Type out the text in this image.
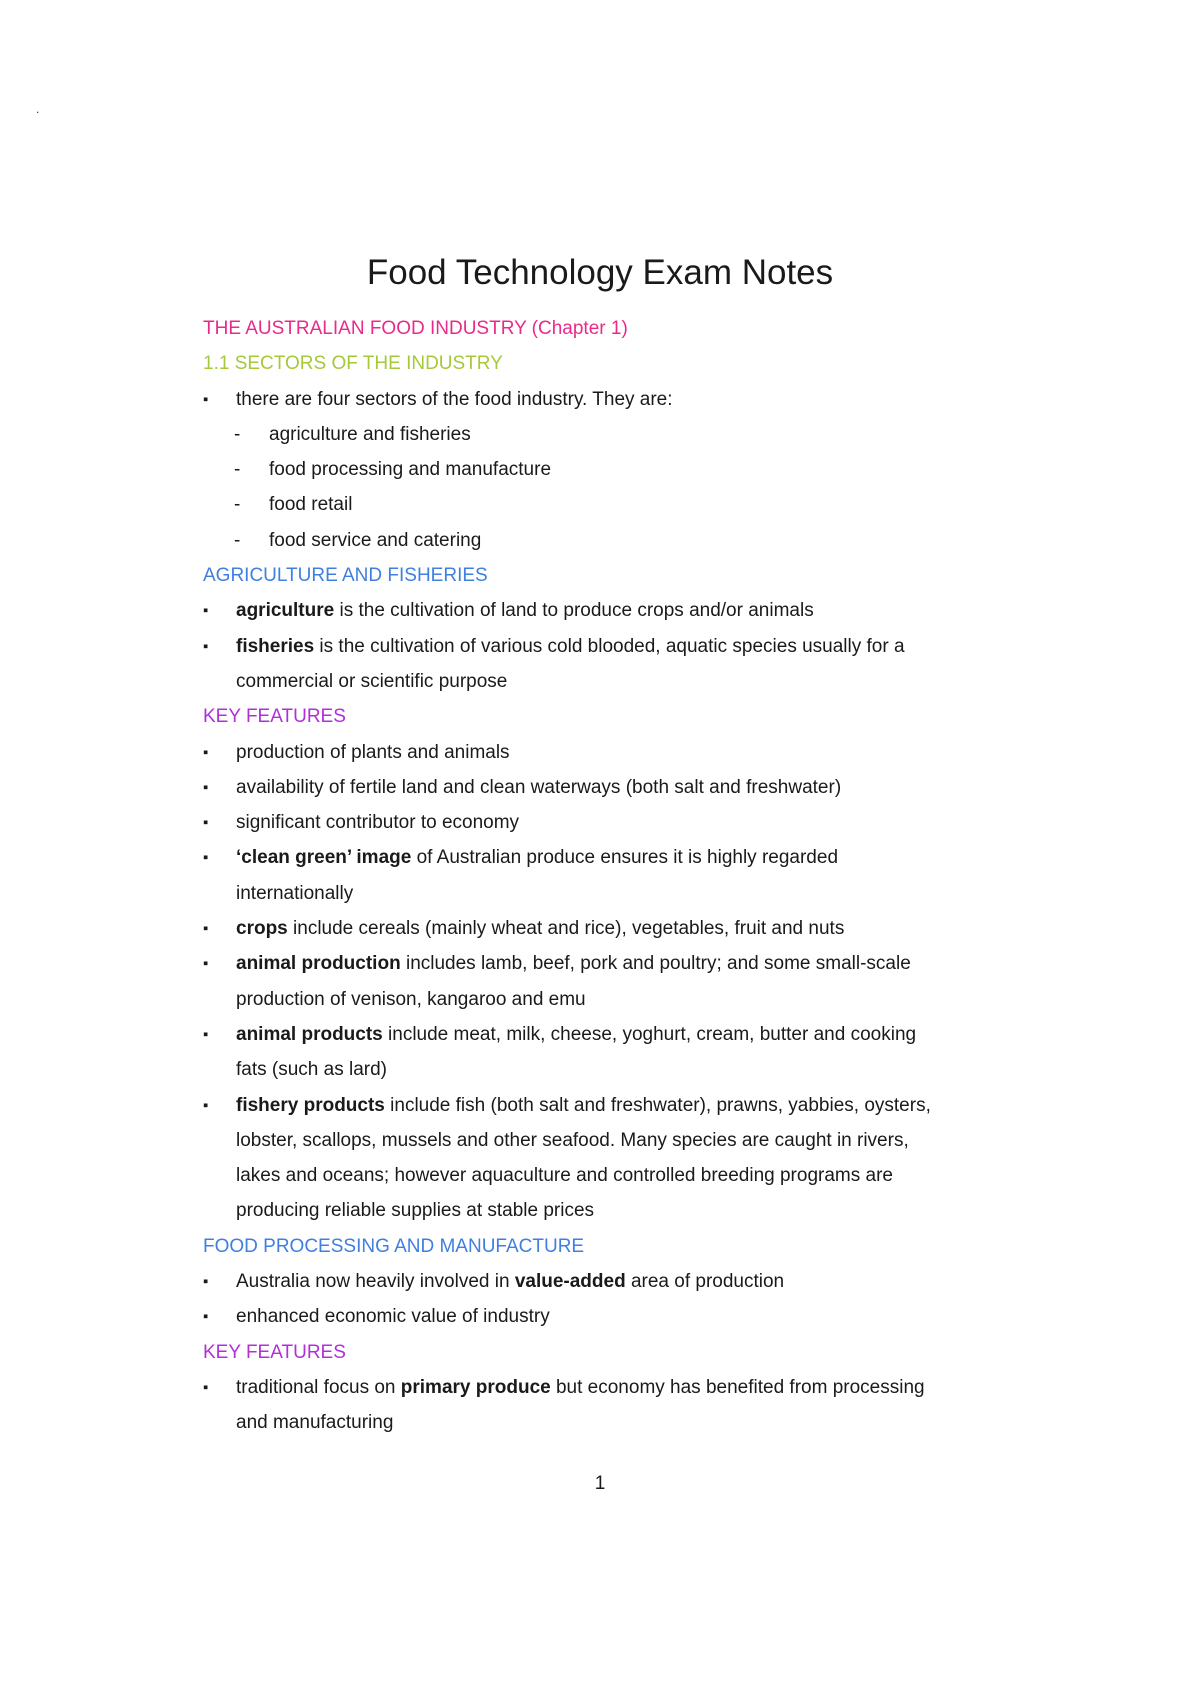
.
Food Technology Exam Notes
THE AUSTRALIAN FOOD INDUSTRY (Chapter 1)
1.1 SECTORS OF THE INDUSTRY
▪ there are four sectors of the food industry. They are:
- agriculture and fisheries
- food processing and manufacture
- food retail
- food service and catering
AGRICULTURE AND FISHERIES
▪ agriculture is the cultivation of land to produce crops and/or animals
▪ fisheries is the cultivation of various cold blooded, aquatic species usually for a
commercial or scientific purpose
KEY FEATURES
▪ production of plants and animals
▪ availability of fertile land and clean waterways (both salt and freshwater)
▪ significant contributor to economy
▪ ‘clean green’ image of Australian produce ensures it is highly regarded
internationally
▪ crops include cereals (mainly wheat and rice), vegetables, fruit and nuts
▪ animal production includes lamb, beef, pork and poultry; and some small-scale
production of venison, kangaroo and emu
▪ animal products include meat, milk, cheese, yoghurt, cream, butter and cooking
fats (such as lard)
▪ fishery products include fish (both salt and freshwater), prawns, yabbies, oysters,
lobster, scallops, mussels and other seafood. Many species are caught in rivers,
lakes and oceans; however aquaculture and controlled breeding programs are
producing reliable supplies at stable prices
FOOD PROCESSING AND MANUFACTURE
▪ Australia now heavily involved in value-added area of production
▪ enhanced economic value of industry
KEY FEATURES
▪ traditional focus on primary produce but economy has benefited from processing
and manufacturing
1
